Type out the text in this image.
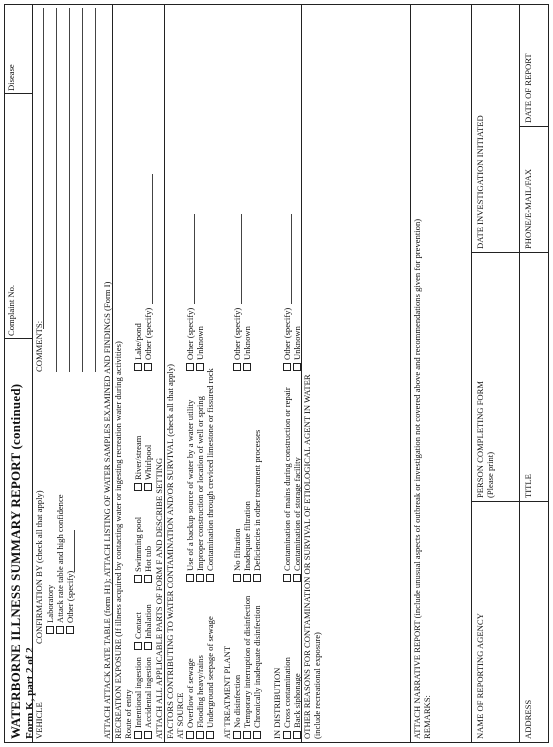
WATERBORNE ILLNESS SUMMARY REPORT (continued) Form K, part 2 of 2
Complaint No.
Disease
VEHICLE
CONFIRMATION BY (check all that apply) Laboratory Attack rate table and high confidence Other (specify)
COMMENTS:	ATTACH ATTACK RATE TABLE (form H1); ATTACH LISTING OF WATER SAMPLES EXAMINED AND FINDINGS (Form I) RECREATION EXPOSURE (If illness acquired by contacting water or ingesting recreation water during activities) Route of entry Intentional ingestion Accidental ingestion
Contact Inhalation
Swimming pool Hot tub
River/stream Whirlpool
Lake/pond Other (specify)
ATTACH ALL APPLICABLE PARTS OF FORM F AND DESCRIBE SETTING FACTORS CONTRIBUTING TO WATER CONTAMINATION AND/OR SURVIVAL (check all that apply) AT SOURCE Overflow of sewage Flooding heavy/rains Underground seepage of sewage
Use of a backup source of water by a water utility Improper construction or location of well or spring Contamination through creviced limestone or fissured rock
Other (specify) Unknown
AT TREATMENT PLANT No disinfection Temporary interruption of disinfection Chronically inadequate disinfection
No filtration Inadequate filtration Deficiencies in other treatment processes
Other (specify) Unknown
IN DISTRIBUTION Cross contamination Back siphonage
Contamination of mains during construction or repair Contamination of storage facility
Other (specify) Unknown
OTHER REASONS FOR CONTAMINATION OR SURVIVAL OF ETIOLOGICAL AGENT IN WATER (include recreational exposure)	ATTACH NARRATIVE REPORT (include unusual aspects of outbreak or investigation not covered above and recommendations given for prevention) REMARKS:	NAME OF REPORTING AGENCY
PERSON COMPLETING FORM (Please print)
DATE INVESTIGATION INITIATED
ADDRESS
TITLE
PHONE/E-MAIL/FAX
DATE OF REPORT
